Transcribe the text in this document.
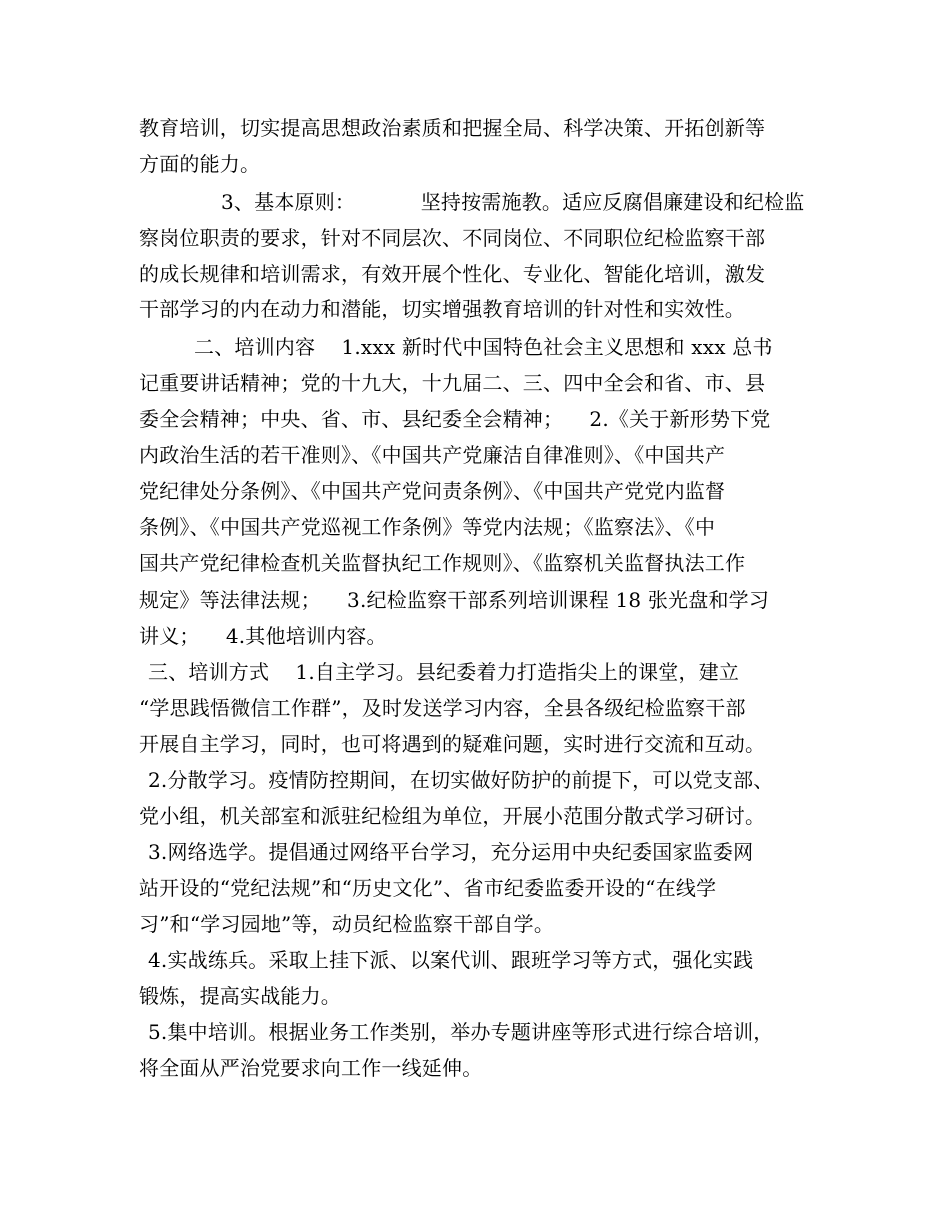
教育培训，切实提高思想政治素质和把握全局、科学决策、开拓创新等
方面的能力。
3、基本原则：          坚持按需施教。适应反腐倡廉建设和纪检监
察岗位职责的要求，针对不同层次、不同岗位、不同职位纪检监察干部
的成长规律和培训需求，有效开展个性化、专业化、智能化培训，激发
干部学习的内在动力和潜能，切实增强教育培训的针对性和实效性。
二、培训内容    1.xxx 新时代中国特色社会主义思想和 xxx 总书
记重要讲话精神；党的十九大，十九届二、三、四中全会和省、市、县
委全会精神；中央、省、市、县纪委全会精神；    2.《关于新形势下党
内政治生活的若干准则》、《中国共产党廉洁自律准则》、《中国共产
党纪律处分条例》、《中国共产党问责条例》、《中国共产党党内监督
条例》、《中国共产党巡视工作条例》等党内法规；《监察法》、《中
国共产党纪律检查机关监督执纪工作规则》、《监察机关监督执法工作
规定》等法律法规；    3.纪检监察干部系列培训课程 18 张光盘和学习
讲义；    4.其他培训内容。
三、培训方式    1.自主学习。县纪委着力打造指尖上的课堂，建立
“学思践悟微信工作群”，及时发送学习内容，全县各级纪检监察干部
开展自主学习，同时，也可将遇到的疑难问题，实时进行交流和互动。
2.分散学习。疫情防控期间，在切实做好防护的前提下，可以党支部、
党小组，机关部室和派驻纪检组为单位，开展小范围分散式学习研讨。
3.网络选学。提倡通过网络平台学习，充分运用中央纪委国家监委网
站开设的“党纪法规”和“历史文化”、省市纪委监委开设的“在线学
习”和“学习园地”等，动员纪检监察干部自学。
4.实战练兵。采取上挂下派、以案代训、跟班学习等方式，强化实践
锻炼，提高实战能力。
5.集中培训。根据业务工作类别，举办专题讲座等形式进行综合培训，
将全面从严治党要求向工作一线延伸。
